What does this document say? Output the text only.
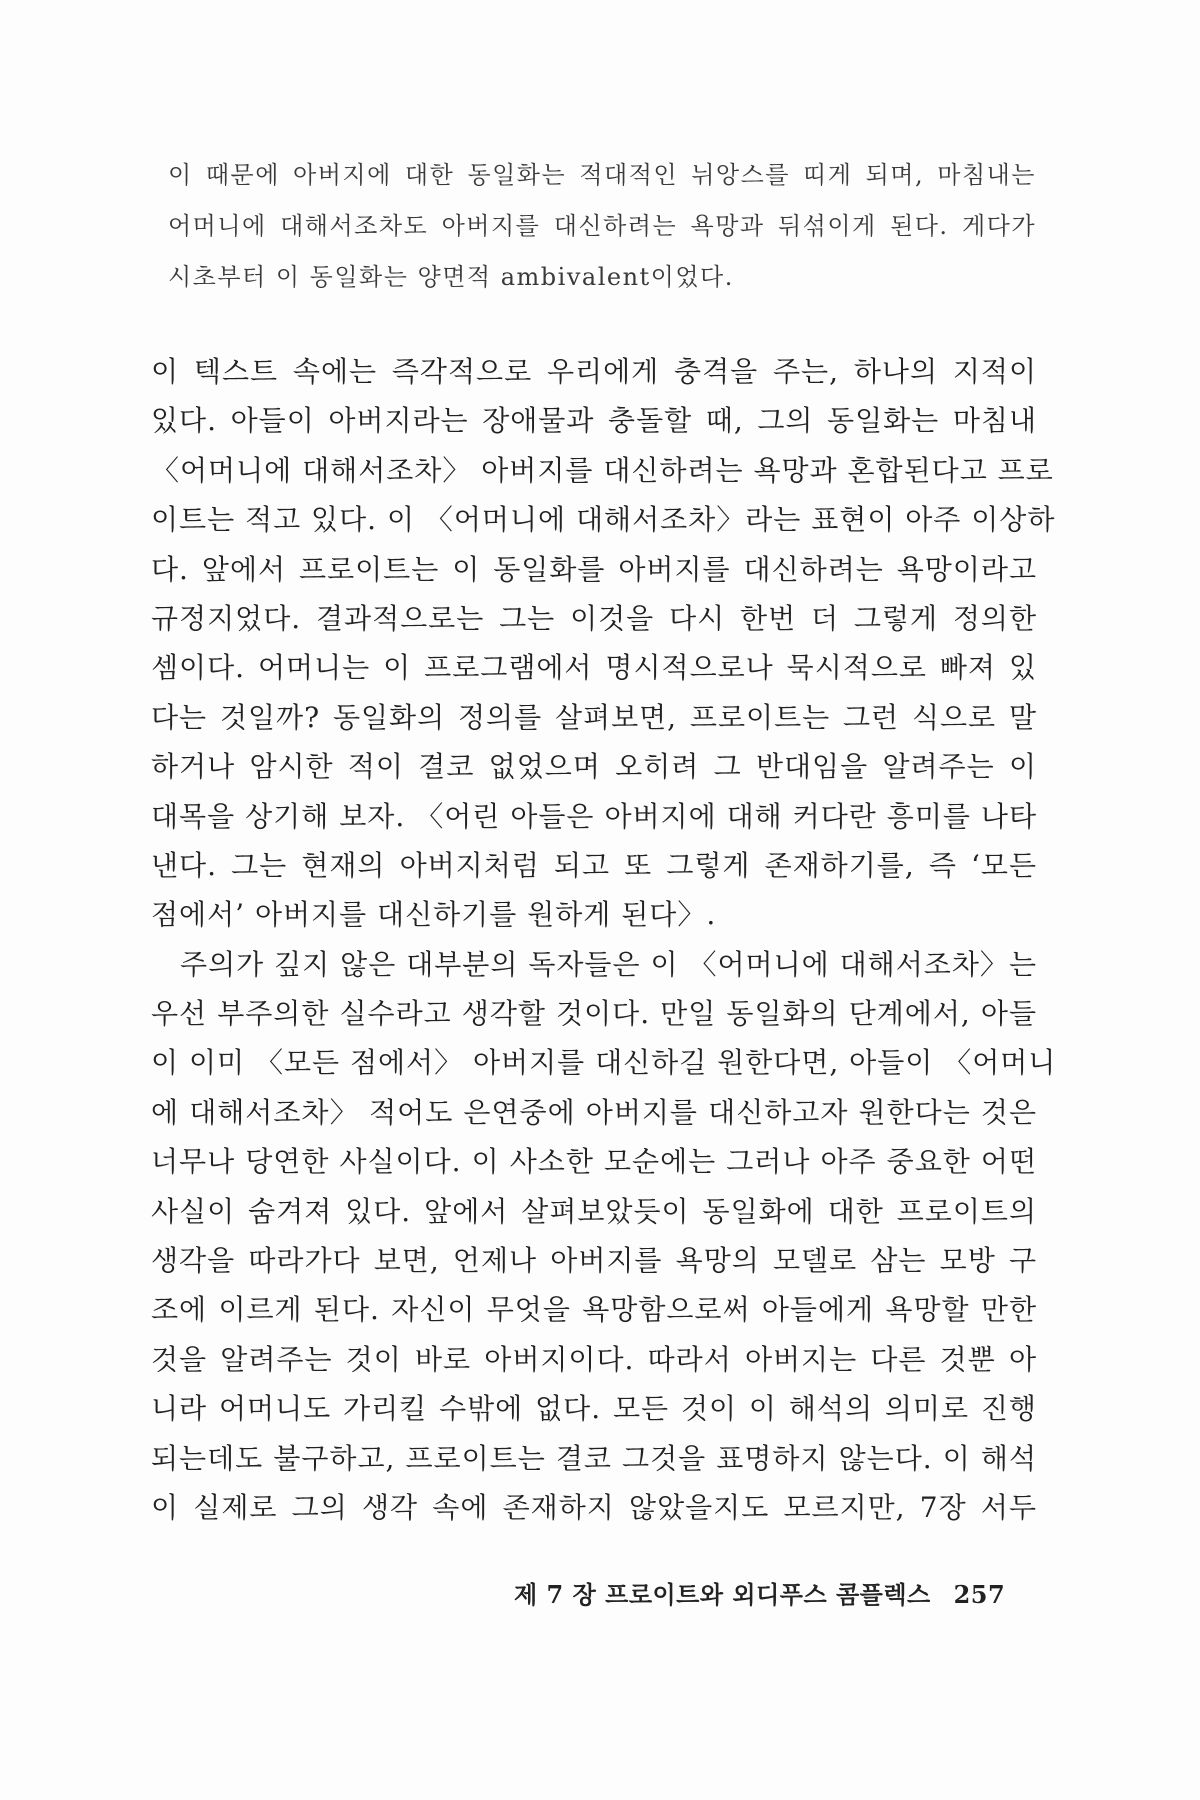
이 때문에 아버지에 대한 동일화는 적대적인 뉘앙스를 띠게 되며, 마침내는
어머니에 대해서조차도 아버지를 대신하려는 욕망과 뒤섞이게 된다. 게다가
시초부터 이 동일화는 양면적 ambivalent이었다.
이 텍스트 속에는 즉각적으로 우리에게 충격을 주는, 하나의 지적이
있다. 아들이 아버지라는 장애물과 충돌할 때, 그의 동일화는 마침내
〈어머니에 대해서조차〉 아버지를 대신하려는 욕망과 혼합된다고 프로
이트는 적고 있다. 이 〈어머니에 대해서조차〉라는 표현이 아주 이상하
다. 앞에서 프로이트는 이 동일화를 아버지를 대신하려는 욕망이라고
규정지었다. 결과적으로는 그는 이것을 다시 한번 더 그렇게 정의한
셈이다. 어머니는 이 프로그램에서 명시적으로나 묵시적으로 빠져 있
다는 것일까? 동일화의 정의를 살펴보면, 프로이트는 그런 식으로 말
하거나 암시한 적이 결코 없었으며 오히려 그 반대임을 알려주는 이
대목을 상기해 보자. 〈어린 아들은 아버지에 대해 커다란 흥미를 나타
낸다. 그는 현재의 아버지처럼 되고 또 그렇게 존재하기를, 즉 ‘모든
점에서’ 아버지를 대신하기를 원하게 된다〉.
　주의가 깊지 않은 대부분의 독자들은 이 〈어머니에 대해서조차〉는
우선 부주의한 실수라고 생각할 것이다. 만일 동일화의 단계에서, 아들
이 이미 〈모든 점에서〉 아버지를 대신하길 원한다면, 아들이 〈어머니
에 대해서조차〉 적어도 은연중에 아버지를 대신하고자 원한다는 것은
너무나 당연한 사실이다. 이 사소한 모순에는 그러나 아주 중요한 어떤
사실이 숨겨져 있다. 앞에서 살펴보았듯이 동일화에 대한 프로이트의
생각을 따라가다 보면, 언제나 아버지를 욕망의 모델로 삼는 모방 구
조에 이르게 된다. 자신이 무엇을 욕망함으로써 아들에게 욕망할 만한
것을 알려주는 것이 바로 아버지이다. 따라서 아버지는 다른 것뿐 아
니라 어머니도 가리킬 수밖에 없다. 모든 것이 이 해석의 의미로 진행
되는데도 불구하고, 프로이트는 결코 그것을 표명하지 않는다. 이 해석
이 실제로 그의 생각 속에 존재하지 않았을지도 모르지만, 7장 서두
제 7 장 프로이트와 외디푸스 콤플렉스 257
